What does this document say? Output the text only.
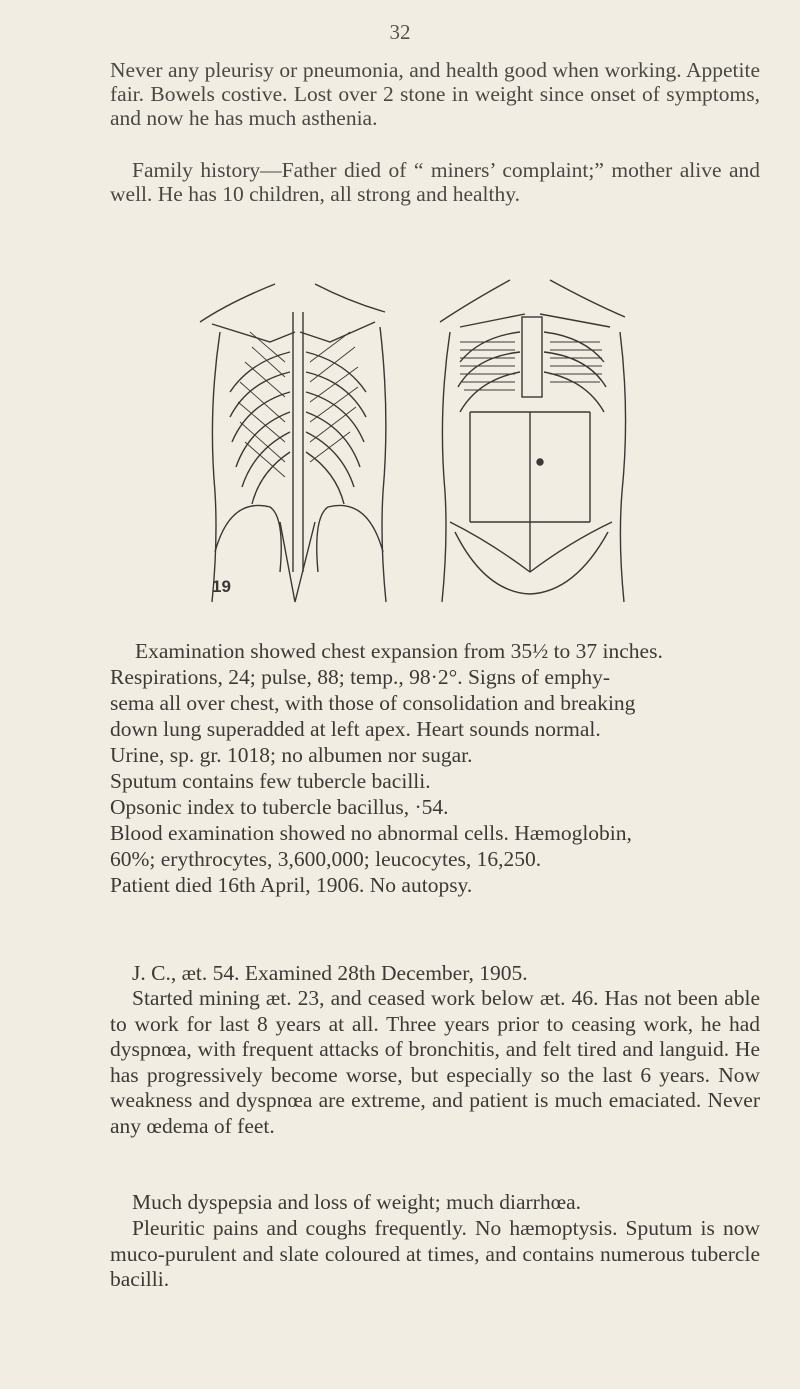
32

Never any pleurisy or pneumonia, and health good when working. Appetite fair. Bowels costive. Lost over 2 stone in weight since onset of symptoms, and now he has much asthenia.

Family history—Father died of “ miners’ complaint;” mother alive and well. He has 10 children, all strong and healthy.

19
Examination showed chest expansion from 35½ to 37 inches.
Respirations, 24; pulse, 88; temp., 98·2°. Signs of emphy-
sema all over chest, with those of consolidation and breaking
down lung superadded at left apex. Heart sounds normal.
Urine, sp. gr. 1018; no albumen nor sugar.
Sputum contains few tubercle bacilli.
Opsonic index to tubercle bacillus, ·54.
Blood examination showed no abnormal cells. Hæmoglobin,
60%; erythrocytes, 3,600,000; leucocytes, 16,250.
Patient died 16th April, 1906. No autopsy.
J. C., æt. 54. Examined 28th December, 1905.

Started mining æt. 23, and ceased work below æt. 46. Has not been able to work for last 8 years at all. Three years prior to ceasing work, he had dyspnœa, with frequent attacks of bronchitis, and felt tired and languid. He has progressively become worse, but especially so the last 6 years. Now weakness and dyspnœa are extreme, and patient is much emaciated. Never any œdema of feet.

Much dyspepsia and loss of weight; much diarrhœa.

Pleuritic pains and coughs frequently. No hæmoptysis. Sputum is now muco-purulent and slate coloured at times, and contains numerous tubercle bacilli.
